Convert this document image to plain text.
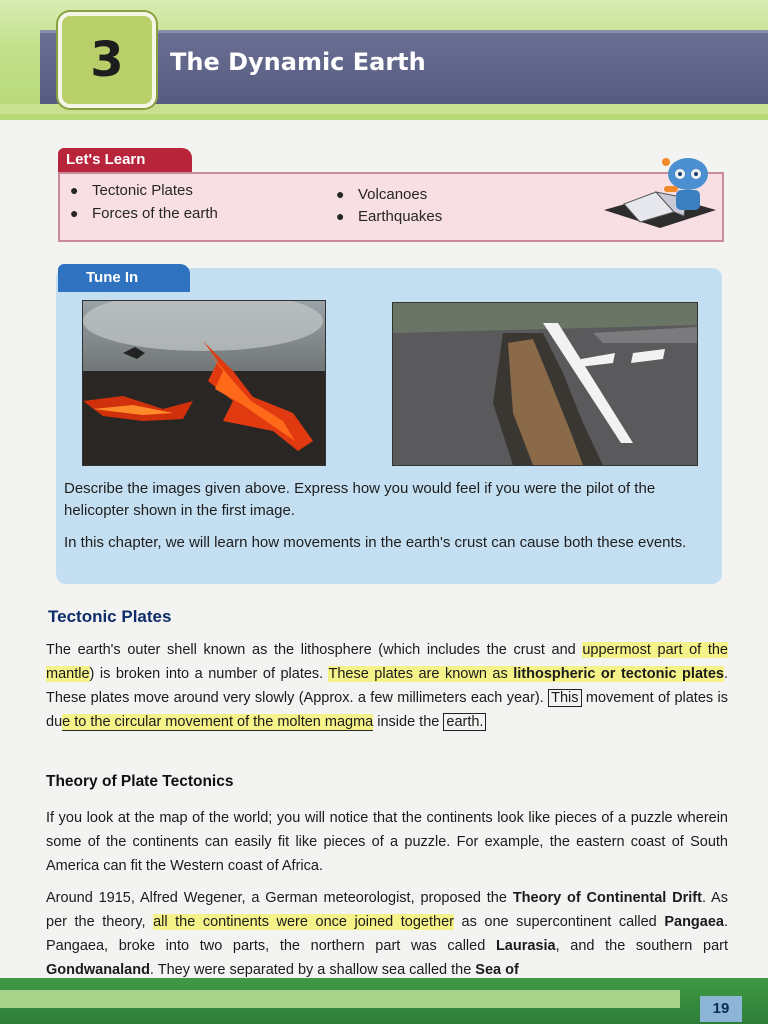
3 The Dynamic Earth
Let's Learn
● Tectonic Plates
● Forces of the earth
● Volcanoes
● Earthquakes
Tune In
Describe the images given above. Express how you would feel if you were the pilot of the helicopter shown in the first image.
In this chapter, we will learn how movements in the earth's crust can cause both these events.
Tectonic Plates
The earth's outer shell known as the lithosphere (which includes the crust and uppermost part of the mantle) is broken into a number of plates. These plates are known as lithospheric or tectonic plates. These plates move around very slowly (Approx. a few millimeters each year). This movement of plates is due to the circular movement of the molten magma inside the earth.
Theory of Plate Tectonics
If you look at the map of the world; you will notice that the continents look like pieces of a puzzle wherein some of the continents can easily fit like pieces of a puzzle. For example, the eastern coast of South America can fit the Western coast of Africa.
Around 1915, Alfred Wegener, a German meteorologist, proposed the Theory of Continental Drift. As per the theory, all the continents were once joined together as one supercontinent called Pangaea. Pangaea, broke into two parts, the northern part was called Laurasia, and the southern part Gondwanaland. They were separated by a shallow sea called the Sea of
19
